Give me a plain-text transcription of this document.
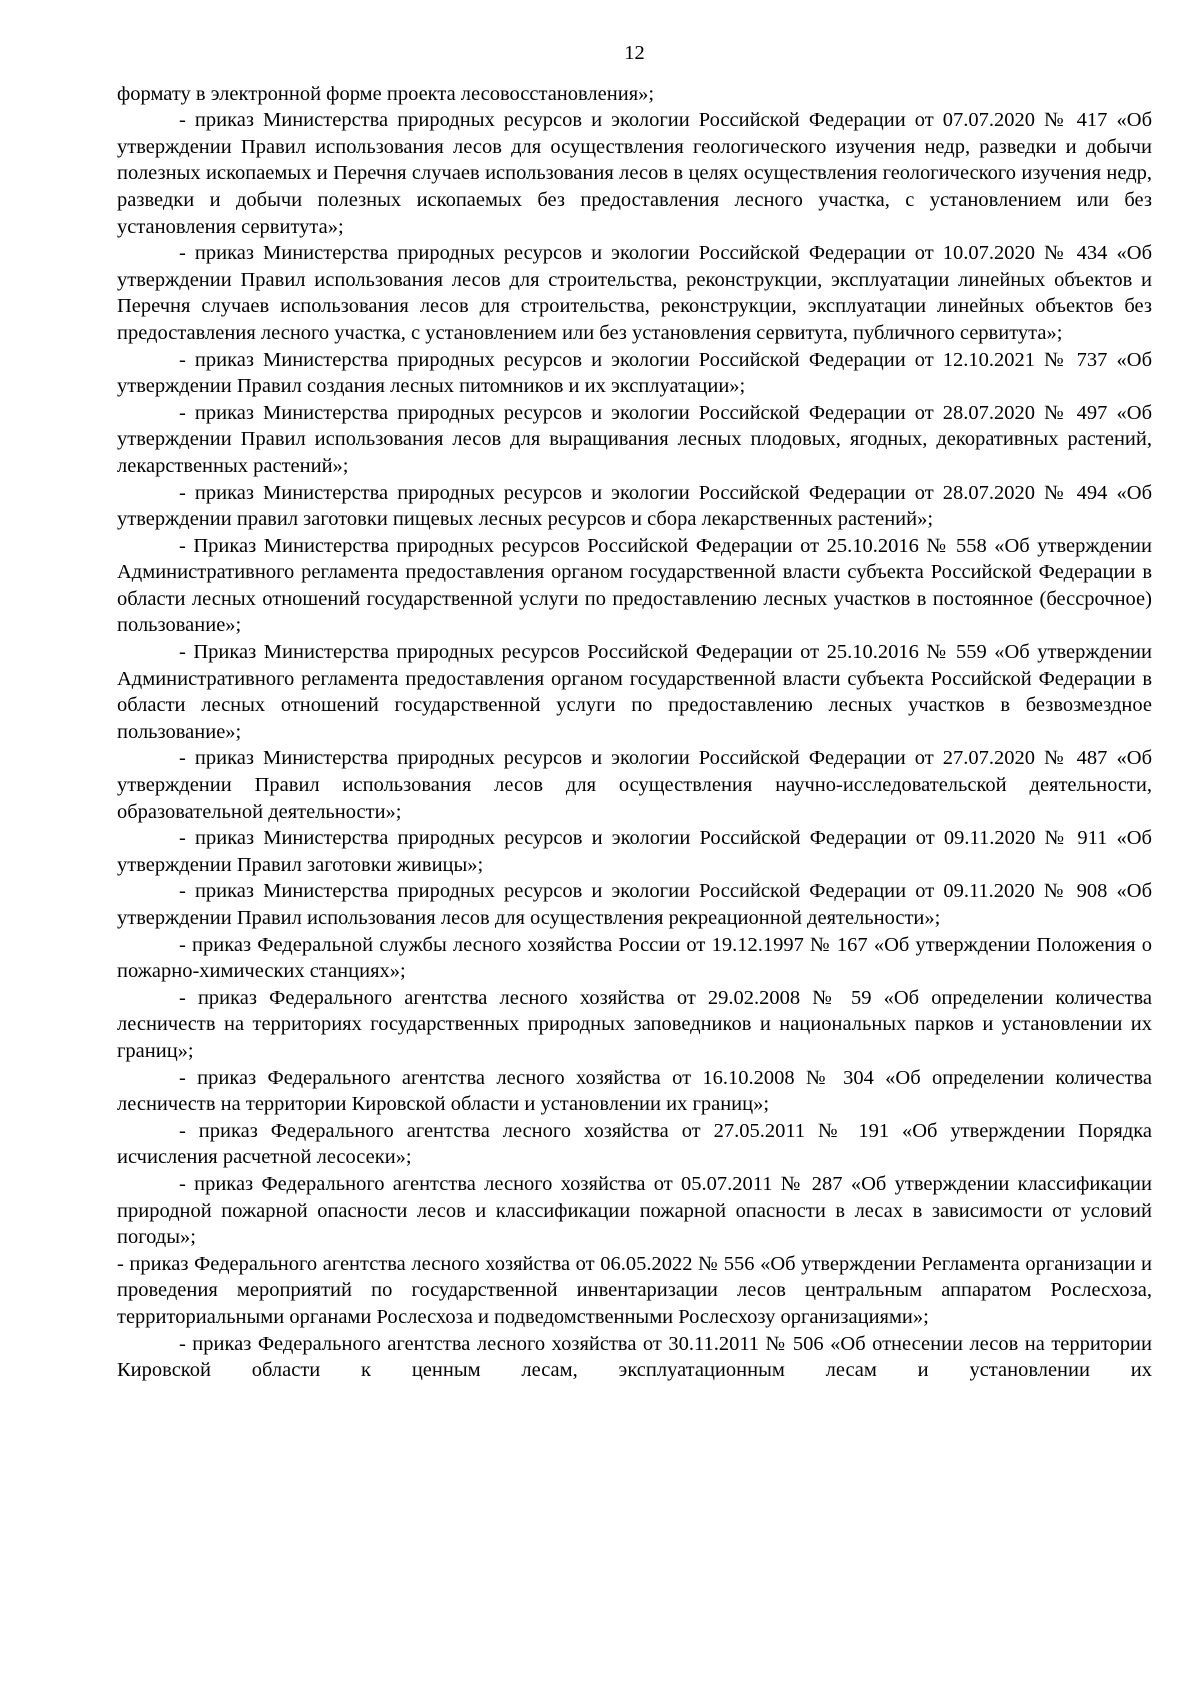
12

формату в электронной форме проекта лесовосстановления»;

- приказ Министерства природных ресурсов и экологии Российской Федерации от 07.07.2020 № 417 «Об утверждении Правил использования лесов для осуществления геологического изучения недр, разведки и добычи полезных ископаемых и Перечня случаев использования лесов в целях осуществления геологического изучения недр, разведки и добычи полезных ископаемых без предоставления лесного участка, с установлением или без установления сервитута»;

- приказ Министерства природных ресурсов и экологии Российской Федерации от 10.07.2020 № 434 «Об утверждении Правил использования лесов для строительства, реконструкции, эксплуатации линейных объектов и Перечня случаев использования лесов для строительства, реконструкции, эксплуатации линейных объектов без предоставления лесного участка, с установлением или без установления сервитута, публичного сервитута»;

- приказ Министерства природных ресурсов и экологии Российской Федерации от 12.10.2021 № 737 «Об утверждении Правил создания лесных питомников и их эксплуатации»;

- приказ Министерства природных ресурсов и экологии Российской Федерации от 28.07.2020 № 497 «Об утверждении Правил использования лесов для выращивания лесных плодовых, ягодных, декоративных растений, лекарственных растений»;

- приказ Министерства природных ресурсов и экологии Российской Федерации от 28.07.2020 № 494 «Об утверждении правил заготовки пищевых лесных ресурсов и сбора лекарственных растений»;

- Приказ Министерства природных ресурсов Российской Федерации от 25.10.2016 № 558 «Об утверждении Административного регламента предоставления органом государственной власти субъекта Российской Федерации в области лесных отношений государственной услуги по предоставлению лесных участков в постоянное (бессрочное) пользование»;

- Приказ Министерства природных ресурсов Российской Федерации от 25.10.2016 № 559 «Об утверждении Административного регламента предоставления органом государственной власти субъекта Российской Федерации в области лесных отношений государственной услуги по предоставлению лесных участков в безвозмездное пользование»;

- приказ Министерства природных ресурсов и экологии Российской Федерации от 27.07.2020 № 487 «Об утверждении Правил использования лесов для осуществления научно-исследовательской деятельности, образовательной деятельности»;

- приказ Министерства природных ресурсов и экологии Российской Федерации от 09.11.2020 № 911 «Об утверждении Правил заготовки живицы»;

- приказ Министерства природных ресурсов и экологии Российской Федерации от 09.11.2020 № 908 «Об утверждении Правил использования лесов для осуществления рекреационной деятельности»;

- приказ Федеральной службы лесного хозяйства России от 19.12.1997 № 167 «Об утверждении Положения о пожарно-химических станциях»;

- приказ Федерального агентства лесного хозяйства от 29.02.2008 № 59 «Об определении количества лесничеств на территориях государственных природных заповедников и национальных парков и установлении их границ»;

- приказ Федерального агентства лесного хозяйства от 16.10.2008 № 304 «Об определении количества лесничеств на территории Кировской области и установлении их границ»;

- приказ Федерального агентства лесного хозяйства от 27.05.2011 № 191 «Об утверждении Порядка исчисления расчетной лесосеки»;

- приказ Федерального агентства лесного хозяйства от 05.07.2011 № 287 «Об утверждении классификации природной пожарной опасности лесов и классификации пожарной опасности в лесах в зависимости от условий погоды»;

- приказ Федерального агентства лесного хозяйства от 06.05.2022 № 556 «Об утверждении Регламента организации и проведения мероприятий по государственной инвентаризации лесов центральным аппаратом Рослесхоза, территориальными органами Рослесхоза и подведомственными Рослесхозу организациями»;

- приказ Федерального агентства лесного хозяйства от 30.11.2011 № 506 «Об отнесении лесов на территории Кировской области к ценным лесам, эксплуатационным лесам и установлении их
